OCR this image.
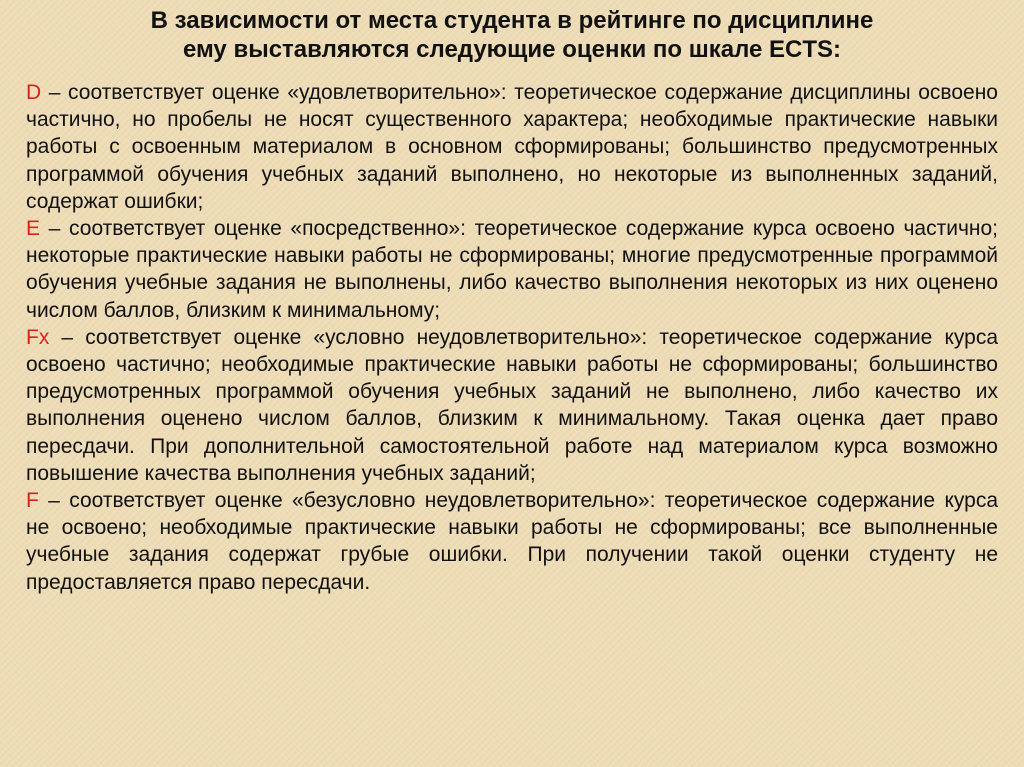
В зависимости от места студента в рейтинге по дисциплине
ему выставляются следующие оценки по шкале ECTS:

D – соответствует оценке «удовлетворительно»: теоретическое содержание дисциплины освоено частично, но пробелы не носят существенного характера; необходимые практические навыки работы с освоенным материалом в основном сформированы; большинство предусмотренных программой обучения учебных заданий выполнено, но некоторые из выполненных заданий, содержат ошибки;

E – соответствует оценке «посредственно»: теоретическое содержание курса освоено частично; некоторые практические навыки работы не сформированы; многие предусмотренные программой обучения учебные задания не выполнены, либо качество выполнения некоторых из них оценено числом баллов, близким к минимальному;

Fx – соответствует оценке «условно неудовлетворительно»: теоретическое содержание курса освоено частично; необходимые практические навыки работы не сформированы; большинство предусмотренных программой обучения учебных заданий не выполнено, либо качество их выполнения оценено числом баллов, близким к минимальному. Такая оценка дает право пересдачи. При дополнительной самостоятельной работе над материалом курса возможно повышение качества выполнения учебных заданий;

F – соответствует оценке «безусловно неудовлетворительно»: теоретическое содержание курса не освоено; необходимые практические навыки работы не сформированы; все выполненные учебные задания содержат грубые ошибки. При получении такой оценки студенту не предоставляется право пересдачи.
